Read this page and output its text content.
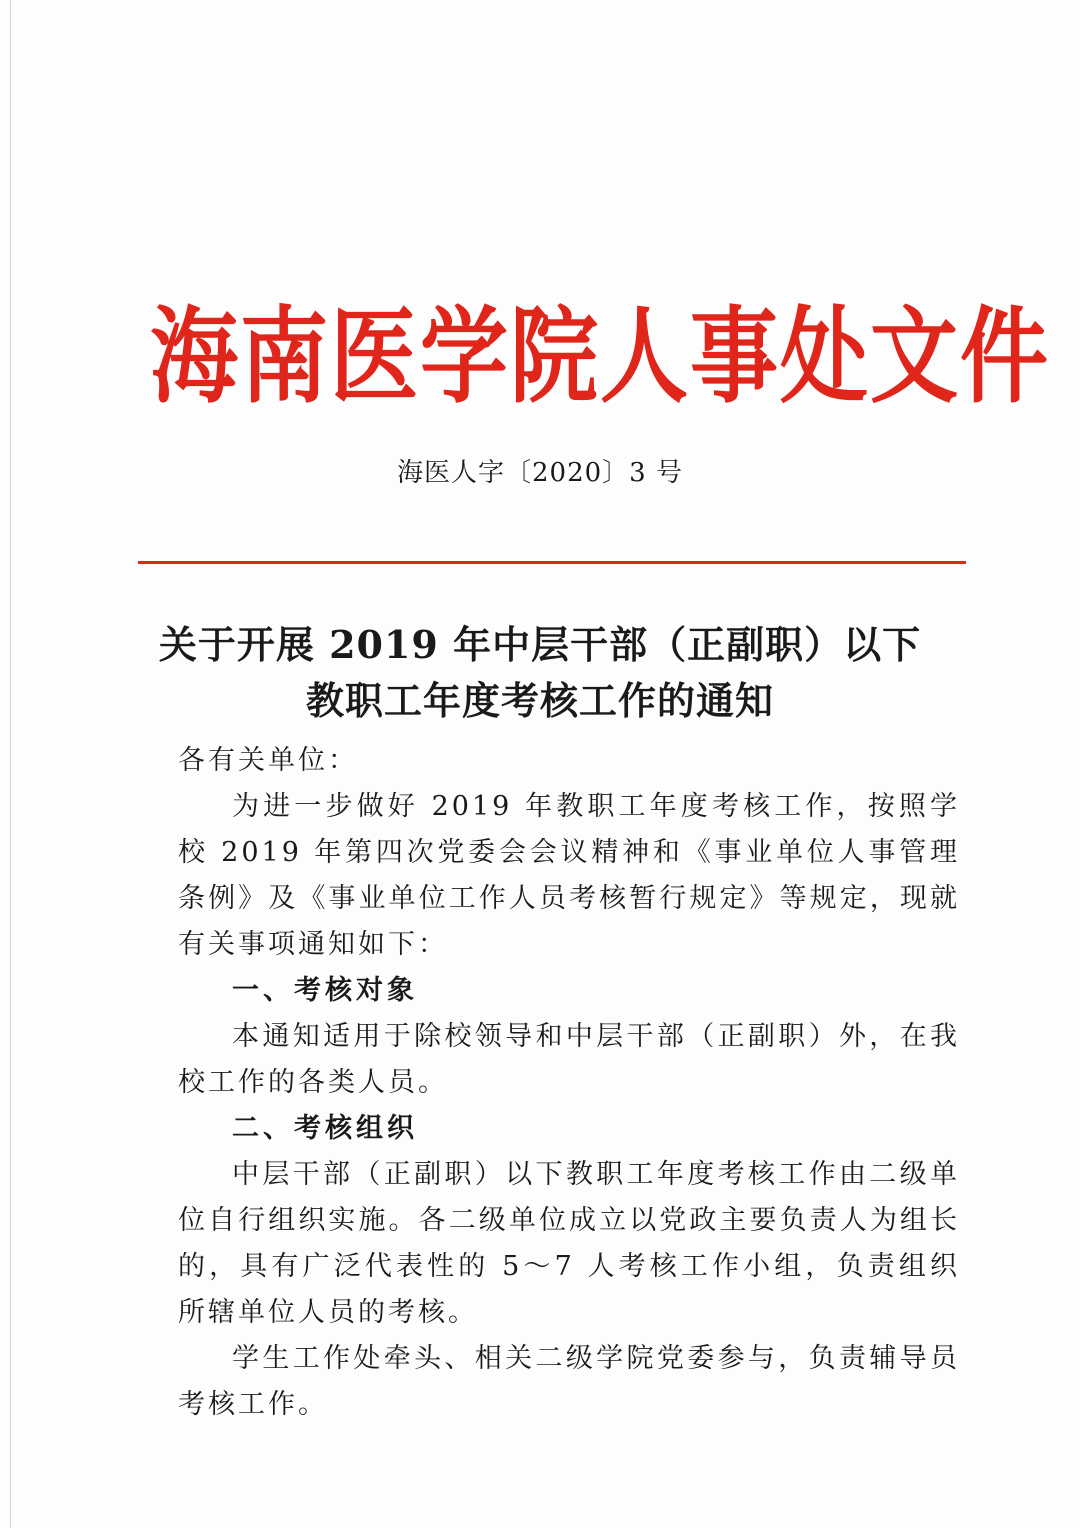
海南医学院人事处文件
海医人字〔2020〕3 号
关于开展 2019 年中层干部（正副职）以下
教职工年度考核工作的通知
各有关单位：
为进一步做好 2019 年教职工年度考核工作，按照学校 2019 年第四次党委会会议精神和《事业单位人事管理条例》及《事业单位工作人员考核暂行规定》等规定，现就有关事项通知如下：
一、考核对象
本通知适用于除校领导和中层干部（正副职）外，在我校工作的各类人员。
二、考核组织
中层干部（正副职）以下教职工年度考核工作由二级单位自行组织实施。各二级单位成立以党政主要负责人为组长的，具有广泛代表性的 5～7 人考核工作小组，负责组织所辖单位人员的考核。
学生工作处牵头、相关二级学院党委参与，负责辅导员考核工作。
